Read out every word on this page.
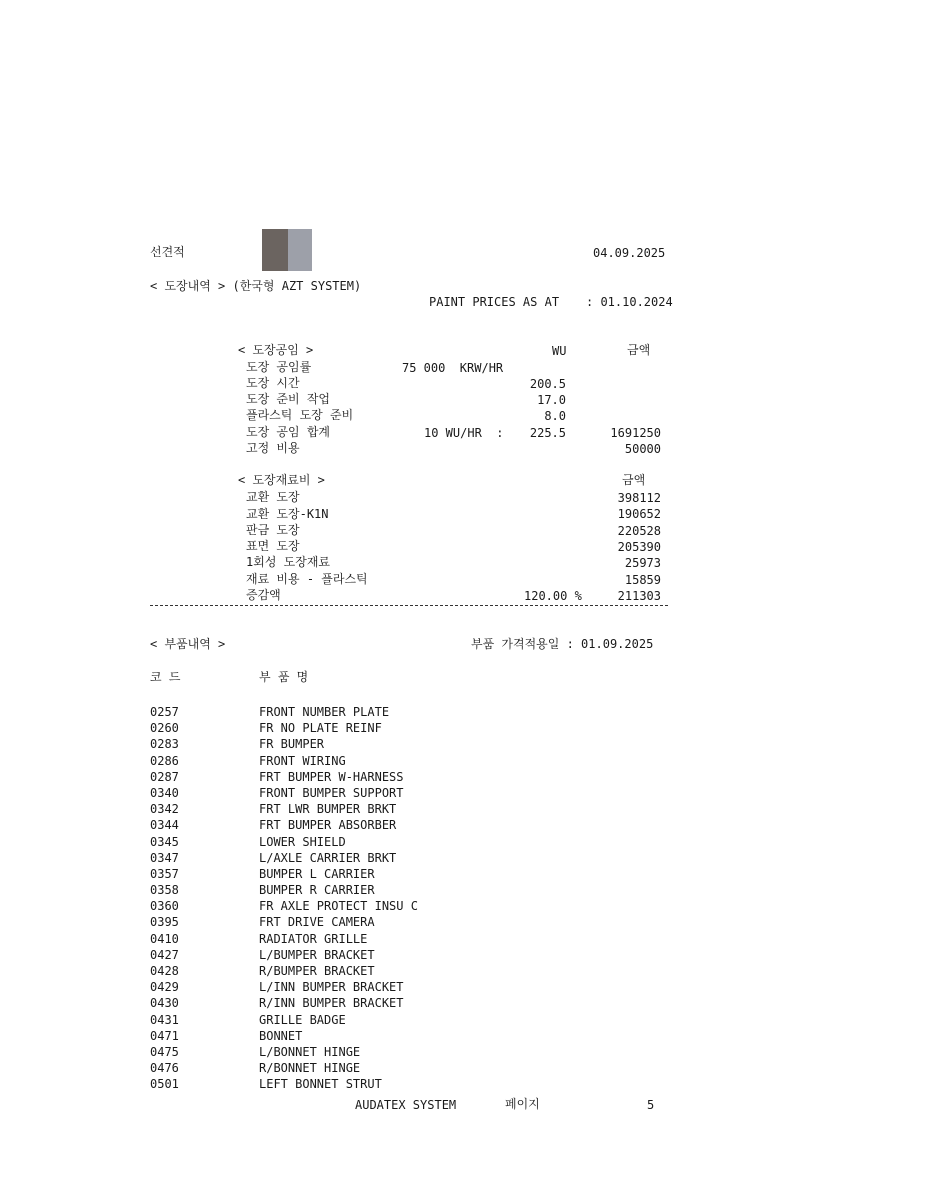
선견적	04.09.2025
< 도장내역 > (한국형 AZT SYSTEM)
PAINT PRICES AS AT : 01.10.2024
< 도장공임 >	WU	금액
도장 공임률	75 000  KRW/HR
도장 시간	200.5
도장 준비 작업	17.0
플라스틱 도장 준비	8.0
도장 공임 합계	10 WU/HR  :	225.5	1691250
고정 비용	50000
< 도장재료비 >	금액
교환 도장	398112
교환 도장-K1N	190652
판금 도장	220528
표면 도장	205390
1회성 도장재료	25973
재료 비용 - 플라스틱	15859
증감액	120.00 %	211303
< 부품내역 >	부품 가격적용일 : 01.09.2025
코 드	부 품 명
0257	FRONT NUMBER PLATE
0260	FR NO PLATE REINF
0283	FR BUMPER
0286	FRONT WIRING
0287	FRT BUMPER W-HARNESS
0340	FRONT BUMPER SUPPORT
0342	FRT LWR BUMPER BRKT
0344	FRT BUMPER ABSORBER
0345	LOWER SHIELD
0347	L/AXLE CARRIER BRKT
0357	BUMPER L CARRIER
0358	BUMPER R CARRIER
0360	FR AXLE PROTECT INSU C
0395	FRT DRIVE CAMERA
0410	RADIATOR GRILLE
0427	L/BUMPER BRACKET
0428	R/BUMPER BRACKET
0429	L/INN BUMPER BRACKET
0430	R/INN BUMPER BRACKET
0431	GRILLE BADGE
0471	BONNET
0475	L/BONNET HINGE
0476	R/BONNET HINGE
0501	LEFT BONNET STRUT
AUDATEX SYSTEM	페이지	5
